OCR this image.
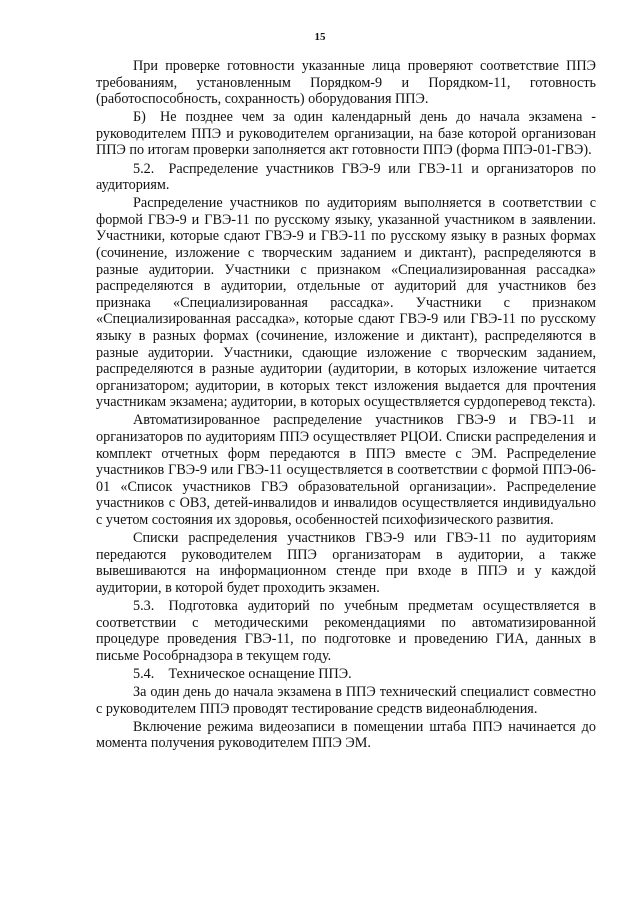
15

При проверке готовности указанные лица проверяют соответствие ППЭ требованиям, установленным Порядком-9 и Порядком-11, готовность (работоспособность, сохранность) оборудования ППЭ.

Б) Не позднее чем за один календарный день до начала экзамена - руководителем ППЭ и руководителем организации, на базе которой организован ППЭ по итогам проверки заполняется акт готовности ППЭ (форма ППЭ-01-ГВЭ).

5.2. Распределение участников ГВЭ-9 или ГВЭ-11 и организаторов по аудиториям.

Распределение участников по аудиториям выполняется в соответствии с формой ГВЭ-9 и ГВЭ-11 по русскому языку, указанной участником в заявлении. Участники, которые сдают ГВЭ-9 и ГВЭ-11 по русскому языку в разных формах (сочинение, изложение с творческим заданием и диктант), распределяются в разные аудитории. Участники с признаком «Специализированная рассадка» распределяются в аудитории, отдельные от аудиторий для участников без признака «Специализированная рассадка». Участники с признаком «Специализированная рассадка», которые сдают ГВЭ-9 или ГВЭ-11 по русскому языку в разных формах (сочинение, изложение и диктант), распределяются в разные аудитории. Участники, сдающие изложение с творческим заданием, распределяются в разные аудитории (аудитории, в которых изложение читается организатором; аудитории, в которых текст изложения выдается для прочтения участникам экзамена; аудитории, в которых осуществляется сурдоперевод текста).

Автоматизированное распределение участников ГВЭ-9 и ГВЭ-11 и организаторов по аудиториям ППЭ осуществляет РЦОИ. Списки распределения и комплект отчетных форм передаются в ППЭ вместе с ЭМ. Распределение участников ГВЭ-9 или ГВЭ-11 осуществляется в соответствии с формой ППЭ-06-01 «Список участников ГВЭ образовательной организации». Распределение участников с ОВЗ, детей-инвалидов и инвалидов осуществляется индивидуально с учетом состояния их здоровья, особенностей психофизического развития.

Списки распределения участников ГВЭ-9 или ГВЭ-11 по аудиториям передаются руководителем ППЭ организаторам в аудитории, а также вывешиваются на информационном стенде при входе в ППЭ и у каждой аудитории, в которой будет проходить экзамен.

5.3. Подготовка аудиторий по учебным предметам осуществляется в соответствии с методическими рекомендациями по автоматизированной процедуре проведения ГВЭ-11, по подготовке и проведению ГИА, данных в письме Рособрнадзора в текущем году.

5.4. Техническое оснащение ППЭ.

За один день до начала экзамена в ППЭ технический специалист совместно с руководителем ППЭ проводят тестирование средств видеонаблюдения.

Включение режима видеозаписи в помещении штаба ППЭ начинается до момента получения руководителем ППЭ ЭМ.
